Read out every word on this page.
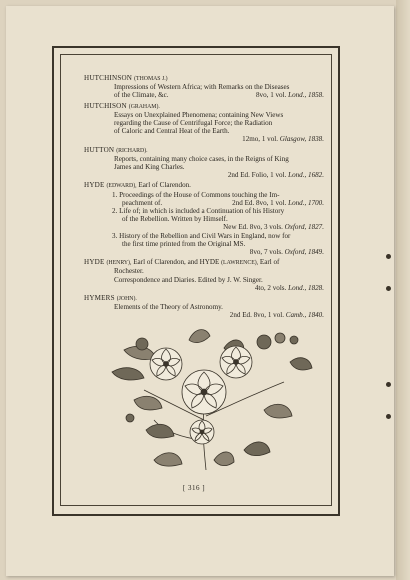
HUTCHINSON (THOMAS J.)
Impressions of Western Africa; with Remarks on the Diseases
of the Climate, &c.	8vo, 1 vol. Lond., 1858.
HUTCHISON (GRAHAM).
Essays on Unexplained Phenomena; containing New Views
regarding the Cause of Centrifugal Force; the Radiation
of Caloric and Central Heat of the Earth.
12mo, 1 vol. Glasgow, 1838.
HUTTON (RICHARD).
Reports, containing many choice cases, in the Reigns of King
James and King Charles.
2nd Ed. Folio, 1 vol. Lond., 1682.
HYDE (EDWARD), Earl of Clarendon.
1. Proceedings of the House of Commons touching the Im-
peachment of.	2nd Ed. 8vo, 1 vol. Lond., 1700.
2. Life of; in which is included a Continuation of his History
of the Rebellion. Written by Himself.
New Ed. 8vo, 3 vols. Oxford, 1827.
3. History of the Rebellion and Civil Wars in England, now for
the first time printed from the Original MS.
8vo, 7 vols. Oxford, 1849.
HYDE (HENRY), Earl of Clarendon, and HYDE (LAWRENCE), Earl of
Rochester.
Correspondence and Diaries. Edited by J. W. Singer.
4to, 2 vols. Lond., 1828.
HYMERS (JOHN).
Elements of the Theory of Astronomy.
2nd Ed. 8vo, 1 vol. Camb., 1840.
[ 316 ]
